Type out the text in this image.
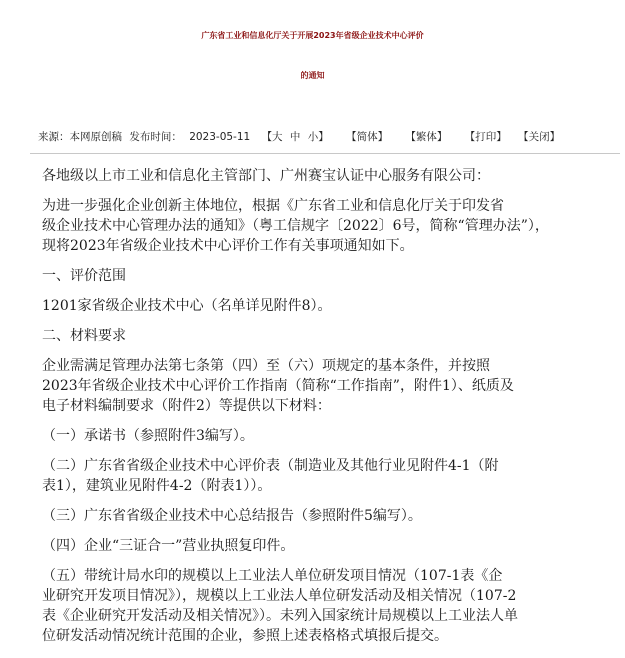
广东省工业和信息化厅关于开展2023年省级企业技术中心评价
的通知
来源：本网原创稿 发布时间： 2023-05-11 【大 中 小】 【简体】 【繁体】 【打印】 【关闭】
各地级以上市工业和信息化主管部门、广州赛宝认证中心服务有限公司：
为进一步强化企业创新主体地位，根据《广东省工业和信息化厅关于印发省
级企业技术中心管理办法的通知》（粤工信规字〔2022〕6号，简称“管理办法”），
现将2023年省级企业技术中心评价工作有关事项通知如下。
一、评价范围
1201家省级企业技术中心（名单详见附件8）。
二、材料要求
企业需满足管理办法第七条第（四）至（六）项规定的基本条件，并按照
2023年省级企业技术中心评价工作指南（简称“工作指南”，附件1）、纸质及
电子材料编制要求（附件2）等提供以下材料：
（一）承诺书（参照附件3编写）。
（二）广东省省级企业技术中心评价表（制造业及其他行业见附件4-1（附
表1），建筑业见附件4-2（附表1））。
（三）广东省省级企业技术中心总结报告（参照附件5编写）。
（四）企业“三证合一”营业执照复印件。
（五）带统计局水印的规模以上工业法人单位研发项目情况（107-1表《企
业研究开发项目情况》），规模以上工业法人单位研发活动及相关情况（107-2
表《企业研究开发活动及相关情况》）。未列入国家统计局规模以上工业法人单
位研发活动情况统计范围的企业，参照上述表格格式填报后提交。
